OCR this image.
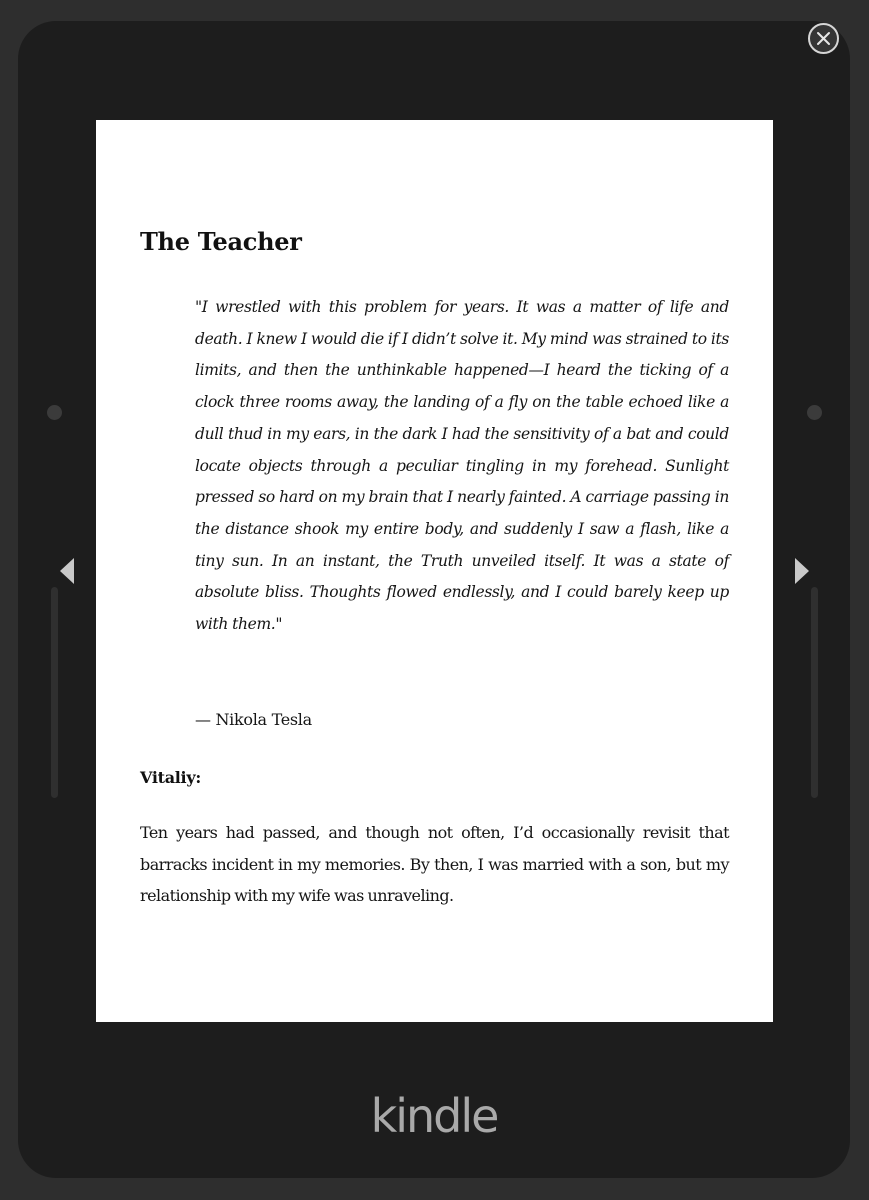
The Teacher

"I wrestled with this problem for years. It was a matter of life and death. I knew I would die if I didn’t solve it. My mind was strained to its limits, and then the unthinkable happened—I heard the ticking of a clock three rooms away, the landing of a fly on the table echoed like a dull thud in my ears, in the dark I had the sensitivity of a bat and could locate objects through a peculiar tingling in my forehead. Sunlight pressed so hard on my brain that I nearly fainted. A carriage passing in the distance shook my entire body, and suddenly I saw a flash, like a tiny sun. In an instant, the Truth unveiled itself. It was a state of absolute bliss. Thoughts flowed endlessly, and I could barely keep up with them."

— Nikola Tesla

Vitaliy:

Ten years had passed, and though not often, I’d occasionally revisit that barracks incident in my memories. By then, I was married with a son, but my relationship with my wife was unraveling.

kindle
